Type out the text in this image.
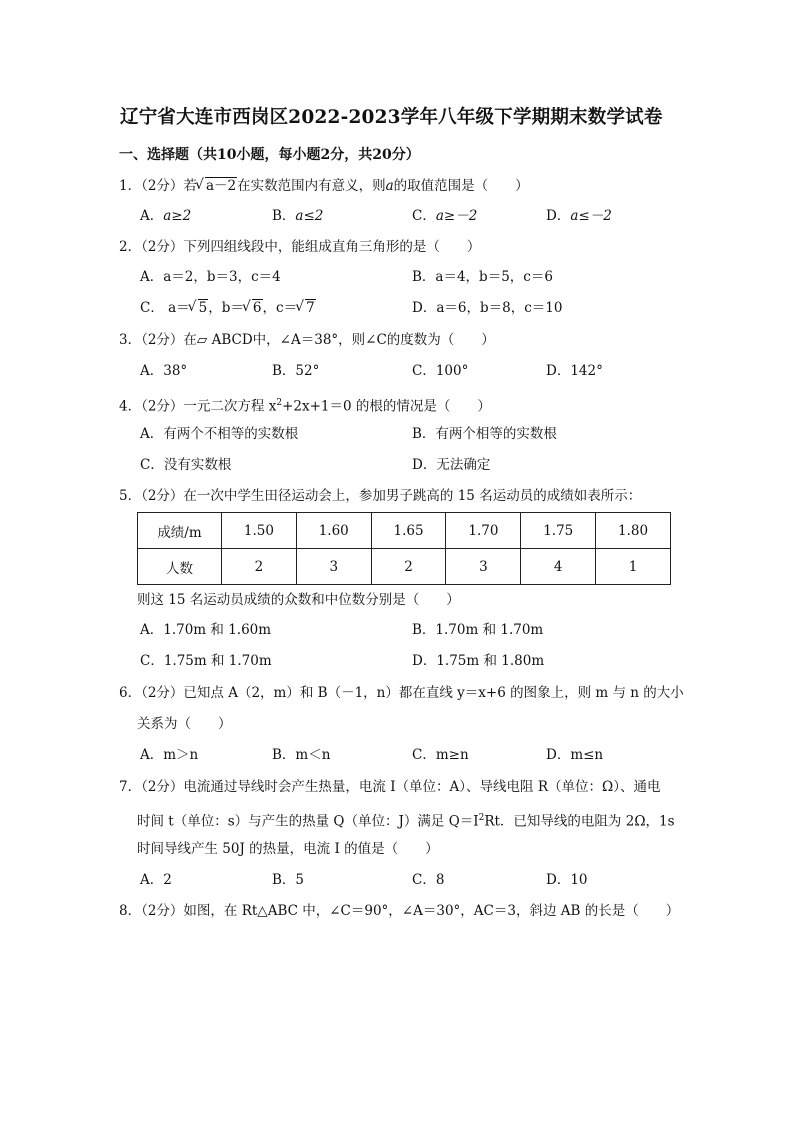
辽宁省大连市西岗区2022-2023学年八年级下学期期末数学试卷
一、选择题（共10小题，每小题2分，共20分）
1．（2分）若 √ a－2在实数范围内有意义，则a的取值范围是（　　）
A．a≥2	B．a≤2	C．a≥－2	D．a≤－2
2．（2分）下列四组线段中，能组成直角三角形的是（　　）
A．a＝2，b＝3，c＝4	B．a＝4，b＝5，c＝6
C． a＝ √ 5，b＝ √ 6，c＝ √ 7	D．a＝6，b＝8，c＝10
3．（2分）在▱ ABCD中，∠A＝38°，则∠C的度数为（　　）
A．38°	B．52°	C．100°	D．142°
4．（2分）一元二次方程 $x^2+2x+1=0$ 的根的情况是（　　）
A．有两个不相等的实数根	B．有两个相等的实数根
C．没有实数根	D．无法确定
5．（2分）在一次中学生田径运动会上，参加男子跳高的 15 名运动员的成绩如表所示：
成绩/m	1.50	1.60	1.65	1.70	1.75	1.80
人数	2	3	2	3	4	1
则这 15 名运动员成绩的众数和中位数分别是（　　）
A．1.70m 和 1.60m	B．1.70m 和 1.70m
C．1.75m 和 1.70m	D．1.75m 和 1.80m
6．（2分）已知点 A（2，m）和 B（－1，n）都在直线 y＝x+6 的图象上，则 m 与 n 的大小
关系为（　　）
A．m＞n	B．m＜n	C．m≥n	D．m≤n
7．（2分）电流通过导线时会产生热量，电流 I（单位：A）、导线电阻 R（单位：Ω）、通电
时间 t（单位：s）与产生的热量 Q（单位：J）满足 $Q=I^2Rt$．已知导线的电阻为 2Ω，1s
时间导线产生 50J 的热量，电流 I 的值是（　　）
A．2	B．5	C．8	D．10
8．（2分）如图，在 Rt△ABC 中，∠C＝90°，∠A＝30°，AC＝3，斜边 AB 的长是（　　）
